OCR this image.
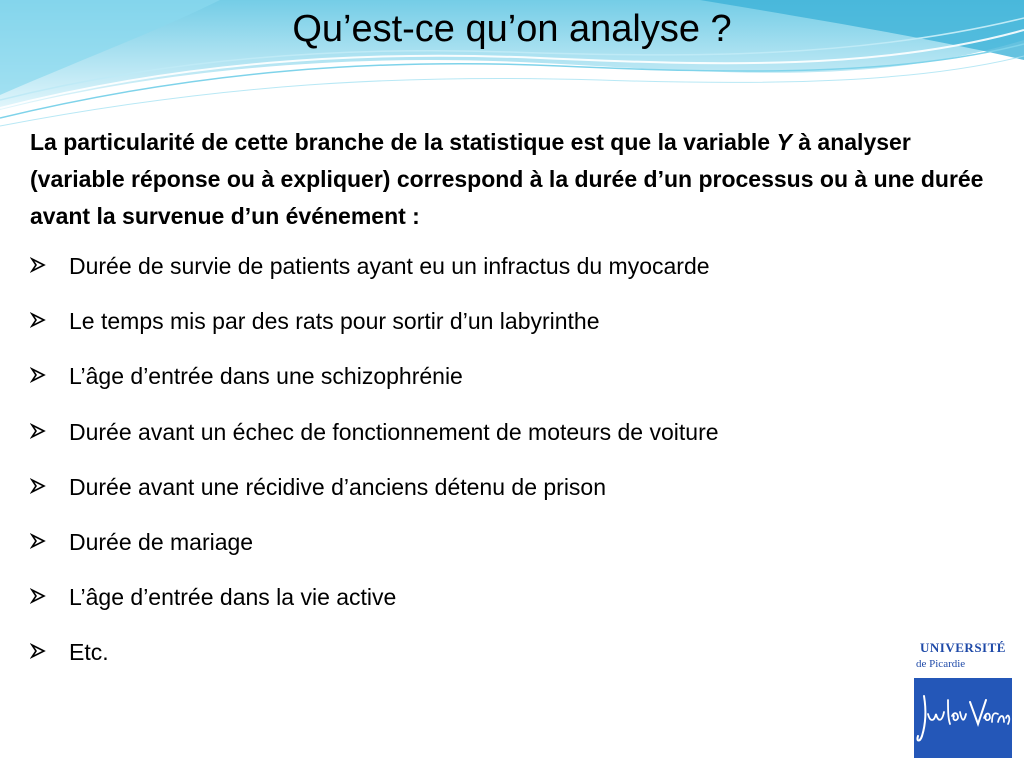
Qu’est-ce qu’on analyse ?

La particularité de cette branche de la statistique est que la variable Y à analyser (variable réponse ou à expliquer) correspond à la durée d’un processus ou à une durée avant la survenue d’un événement :

Durée de survie de patients ayant eu un infractus du myocarde
Le temps mis par des rats pour sortir d’un labyrinthe
L’âge d’entrée dans une schizophrénie
Durée avant un échec de fonctionnement de moteurs de voiture
Durée avant une récidive d’anciens détenu de prison
Durée de mariage
L’âge d’entrée dans la vie active
Etc.	UNIVERSITÉ
de Picardie
